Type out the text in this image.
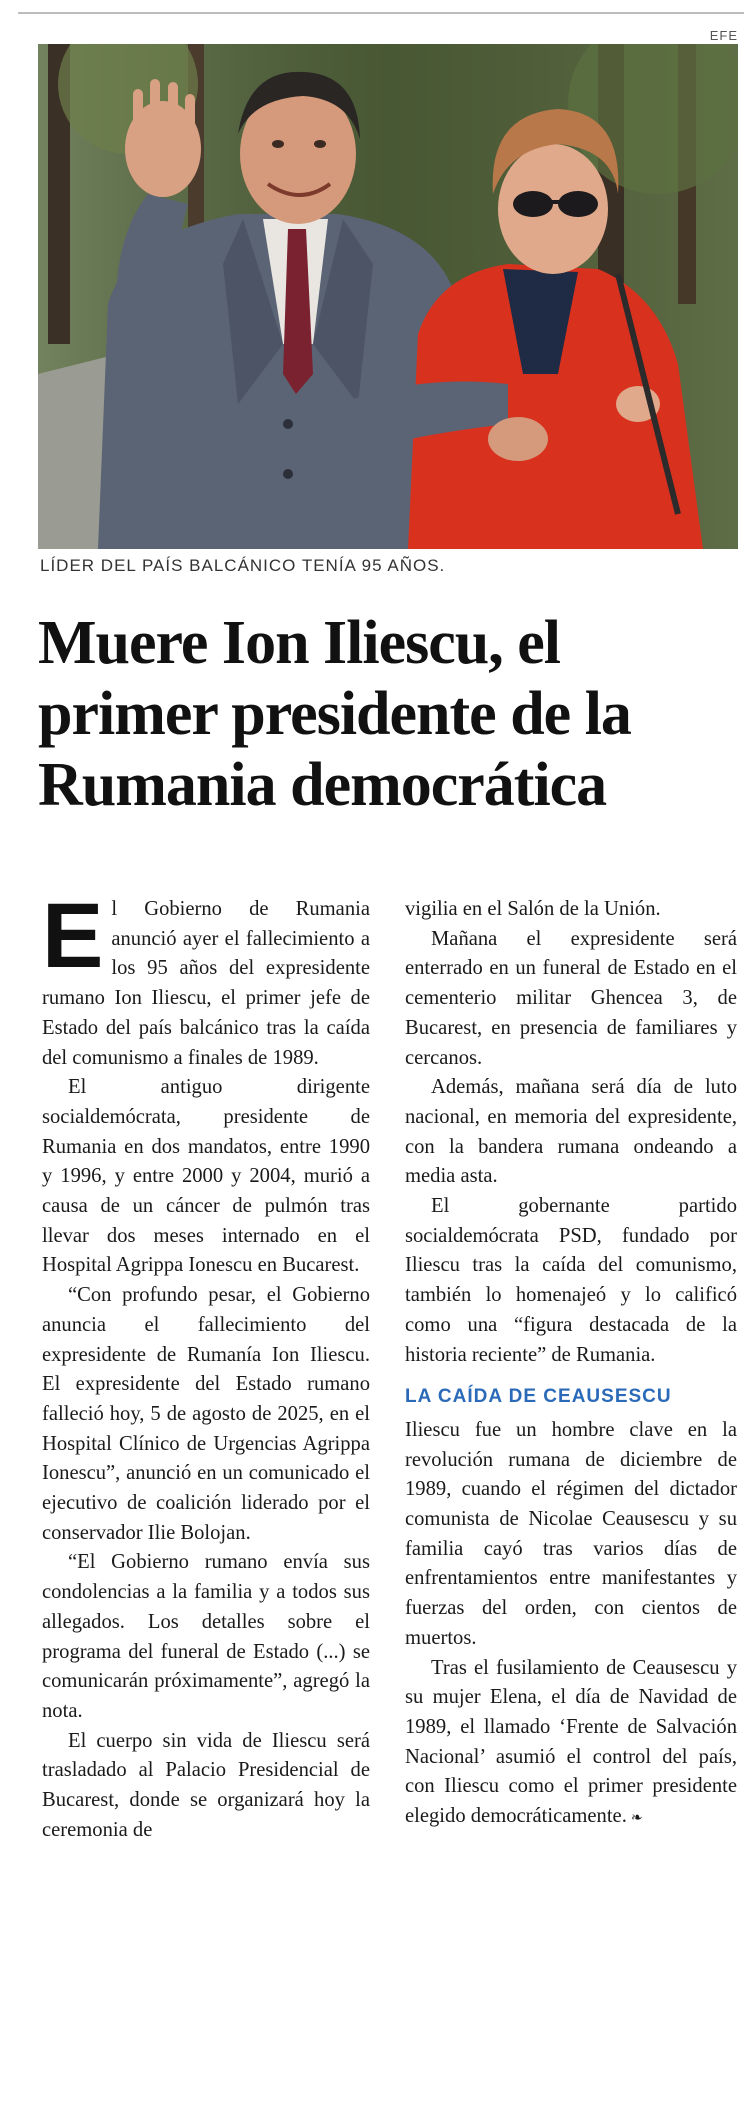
EFE
LÍDER DEL PAÍS BALCÁNICO TENÍA 95 AÑOS.
Muere Ion Iliescu, el primer presidente de la Rumania democrática

El Gobierno de Rumania anunció ayer el fallecimiento a los 95 años del expresidente rumano Ion Iliescu, el primer jefe de Estado del país balcánico tras la caída del comunismo a finales de 1989.

El antiguo dirigente socialdemócrata, presidente de Rumania en dos mandatos, entre 1990 y 1996, y entre 2000 y 2004, murió a causa de un cáncer de pulmón tras llevar dos meses internado en el Hospital Agrippa Ionescu en Bucarest.

“Con profundo pesar, el Gobierno anuncia el fallecimiento del expresidente de Rumanía Ion Iliescu. El expresidente del Estado rumano falleció hoy, 5 de agosto de 2025, en el Hospital Clínico de Urgencias Agrippa Ionescu”, anunció en un comunicado el ejecutivo de coalición liderado por el conservador Ilie Bolojan.

“El Gobierno rumano envía sus condolencias a la familia y a todos sus allegados. Los detalles sobre el programa del funeral de Estado (...) se comunicarán próximamente”, agregó la nota.

El cuerpo sin vida de Iliescu será trasladado al Palacio Presidencial de Bucarest, donde se organizará hoy la ceremonia de

vigilia en el Salón de la Unión.

Mañana el expresidente será enterrado en un funeral de Estado en el cementerio militar Ghencea 3, de Bucarest, en presencia de familiares y cercanos.

Además, mañana será día de luto nacional, en memoria del expresidente, con la bandera rumana ondeando a media asta.

El gobernante partido socialdemócrata PSD, fundado por Iliescu tras la caída del comunismo, también lo homenajeó y lo calificó como una “figura destacada de la historia reciente” de Rumania.

LA CAÍDA DE CEAUSESCU

Iliescu fue un hombre clave en la revolución rumana de diciembre de 1989, cuando el régimen del dictador comunista de Nicolae Ceausescu y su familia cayó tras varios días de enfrentamientos entre manifestantes y fuerzas del orden, con cientos de muertos.

Tras el fusilamiento de Ceausescu y su mujer Elena, el día de Navidad de 1989, el llamado ‘Frente de Salvación Nacional’ asumió el control del país, con Iliescu como el primer presidente elegido democráticamente. ❧
